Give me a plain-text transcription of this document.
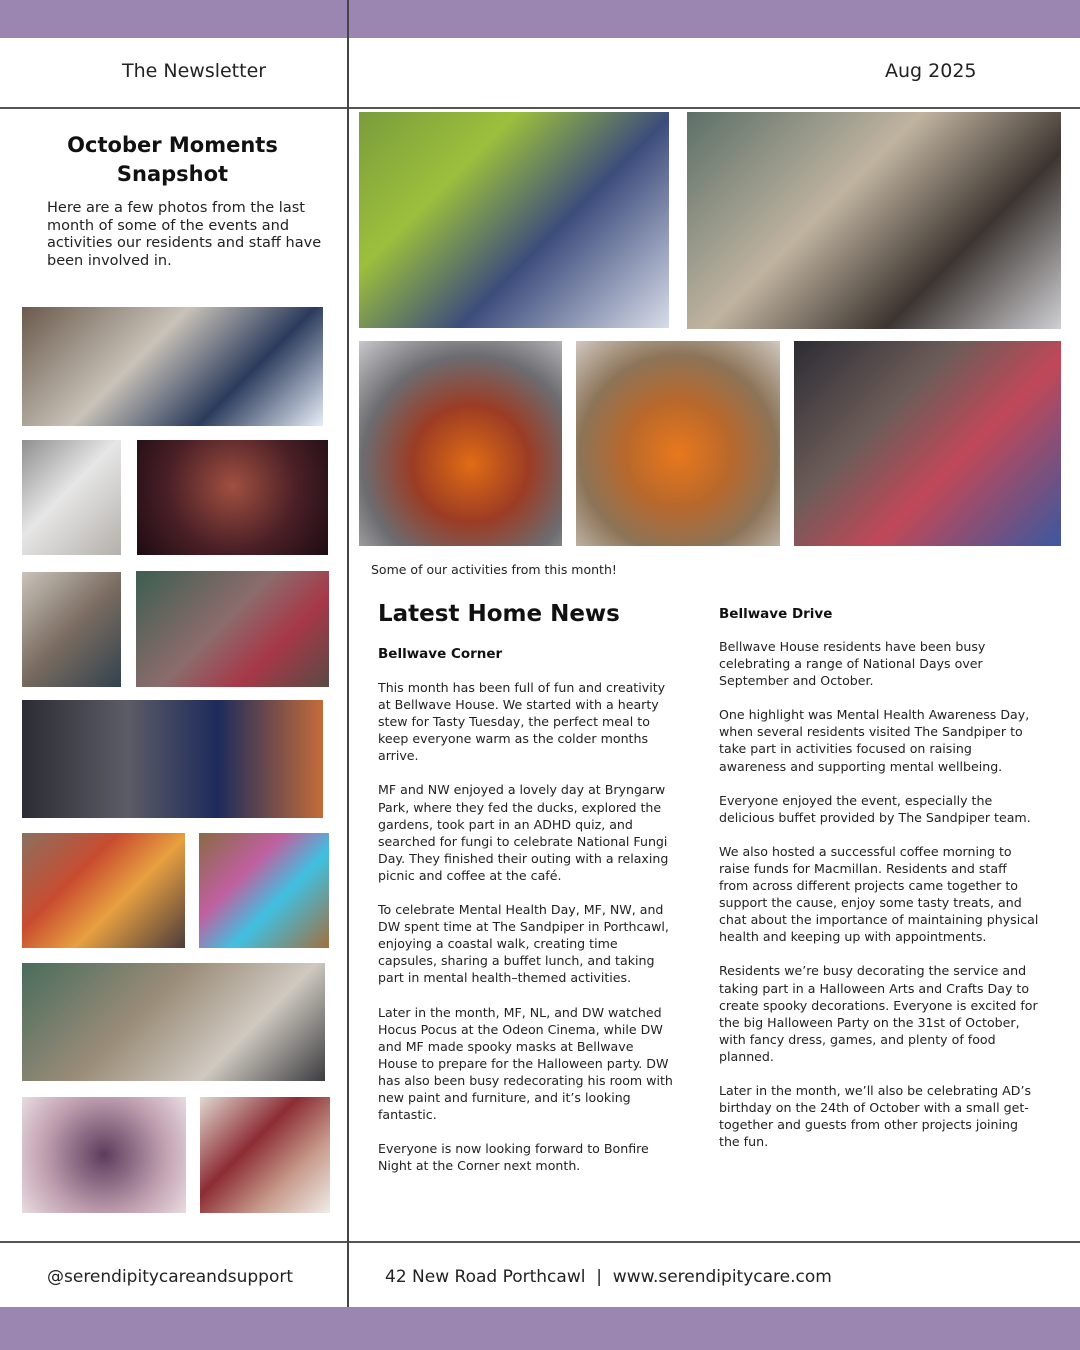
The Newsletter	Aug 2025
October Moments Snapshot
Here are a few photos from the last month of some of the events and activities our residents and staff have been involved in.
Some of our activities from this month!
Latest Home News
Bellwave Corner

This month has been full of fun and creativity at Bellwave House. We started with a hearty stew for Tasty Tuesday, the perfect meal to keep everyone warm as the colder months arrive.

MF and NW enjoyed a lovely day at Bryngarw Park, where they fed the ducks, explored the gardens, took part in an ADHD quiz, and searched for fungi to celebrate National Fungi Day. They finished their outing with a relaxing picnic and coffee at the café.

To celebrate Mental Health Day, MF, NW, and DW spent time at The Sandpiper in Porthcawl, enjoying a coastal walk, creating time capsules, sharing a buffet lunch, and taking part in mental health–themed activities.

Later in the month, MF, NL, and DW watched Hocus Pocus at the Odeon Cinema, while DW and MF made spooky masks at Bellwave House to prepare for the Halloween party. DW has also been busy redecorating his room with new paint and furniture, and it’s looking fantastic.

Everyone is now looking forward to Bonfire Night at the Corner next month.

Bellwave Drive

Bellwave House residents have been busy celebrating a range of National Days over September and October.

One highlight was Mental Health Awareness Day, when several residents visited The Sandpiper to take part in activities focused on raising awareness and supporting mental wellbeing.

Everyone enjoyed the event, especially the delicious buffet provided by The Sandpiper team.

We also hosted a successful coffee morning to raise funds for Macmillan. Residents and staff from across different projects came together to support the cause, enjoy some tasty treats, and chat about the importance of maintaining physical health and keeping up with appointments.

Residents we’re busy decorating the service and taking part in a Halloween Arts and Crafts Day to create spooky decorations. Everyone is excited for the big Halloween Party on the 31st of October, with fancy dress, games, and plenty of food planned.

Later in the month, we’ll also be celebrating AD’s birthday on the 24th of October with a small get-together and guests from other projects joining the fun.

@serendipitycareandsupport	42 New Road Porthcawl  |  www.serendipitycare.com
